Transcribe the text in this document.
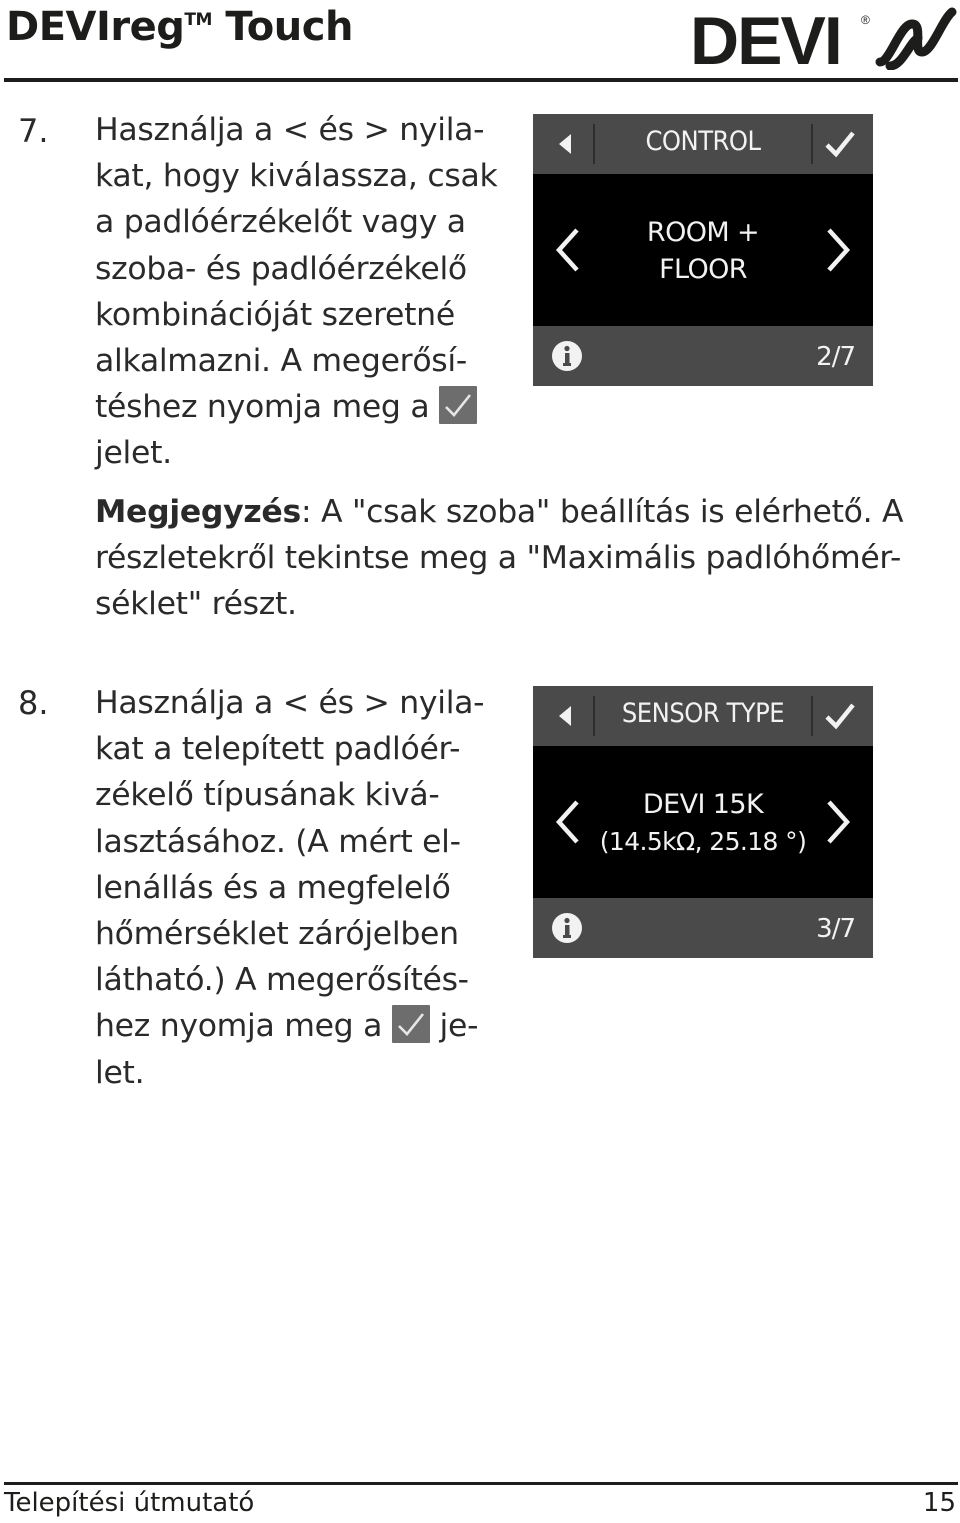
DEVIreg™ Touch	DEVI ®
7. Használja a < és > nyila-
kat, hogy kiválassza, csak
a padlóérzékelőt vagy a
szoba- és padlóérzékelő
kombinációját szeretné
alkalmazni. A megerősí-
téshez nyomja meg a
jelet.
CONTROL
ROOM +
FLOOR
2/7
Megjegyzés: A "csak szoba" beállítás is elérhető. A
részletekről tekintse meg a "Maximális padlóhőmér-
séklet" részt.
8. Használja a < és > nyila-
kat a telepített padlóér-
zékelő típusának kivá-
lasztásához. (A mért el-
lenállás és a megfelelő
hőmérséklet zárójelben
látható.) A megerősítés-
hez nyomja meg a je-
let.
SENSOR TYPE
DEVI 15K
(14.5kΩ, 25.18 °)
3/7
Telepítési útmutató	15
